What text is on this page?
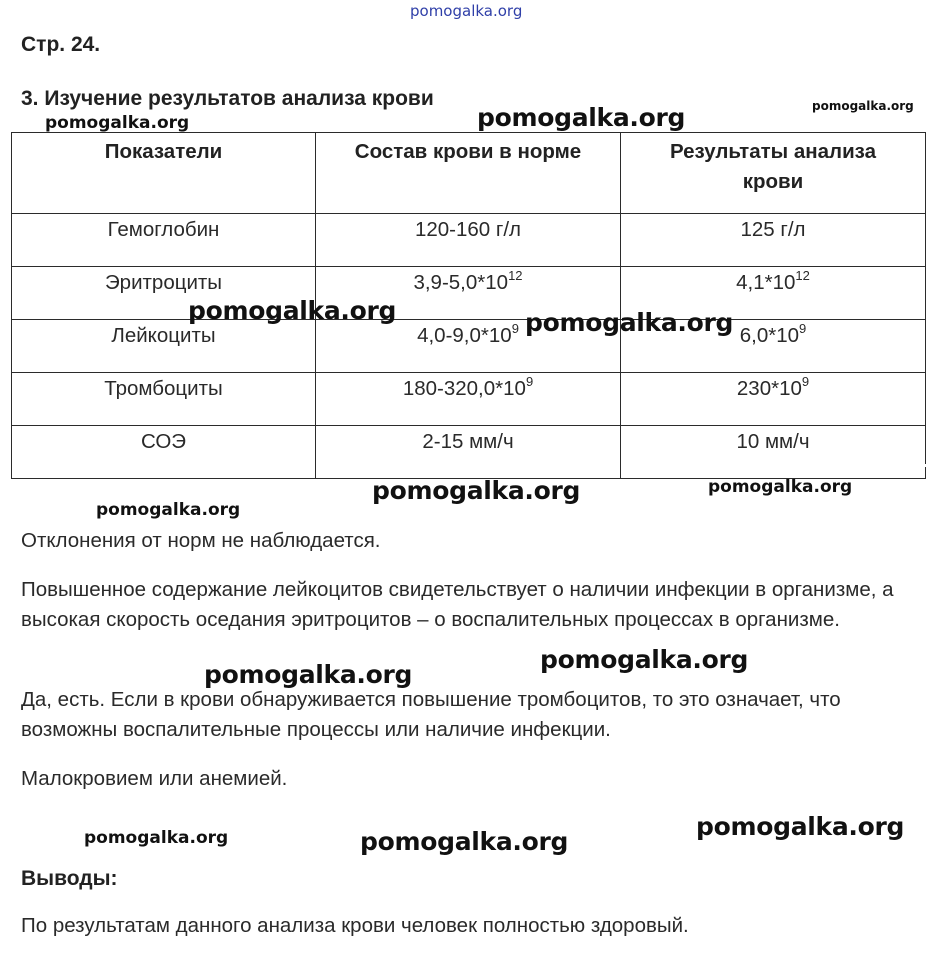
pomogalka.org
Стр. 24.
3. Изучение результатов анализа крови
Показатели	Состав крови в норме	Результаты анализа крови
Гемоглобин	120-160 г/л	125 г/л
Эритроциты	$3,9-5,0*10^{12}$	$4,1*10^{12}$
Лейкоциты	$4,0-9,0*10^9$	$6,0*10^9$
Тромбоциты	$180-320,0*10^9$	$230*10^9$
СОЭ	2-15 мм/ч	10 мм/ч
Отклонения от норм не наблюдается.
Повышенное содержание лейкоцитов свидетельствует о наличии инфекции в организме, а высокая скорость оседания эритроцитов – о воспалительных процессах в организме.
Да, есть. Если в крови обнаруживается повышение тромбоцитов, то это означает, что возможны воспалительные процессы или наличие инфекции.
Малокровием или анемией.
Выводы:
По результатам данного анализа крови человек полностью здоровый.
pomogalka.org	pomogalka.org	pomogalka.org
pomogalka.org	pomogalka.org
pomogalka.org	pomogalka.org
pomogalka.org
pomogalka.org
pomogalka.org
pomogalka.org	pomogalka.org
pomogalka.org
